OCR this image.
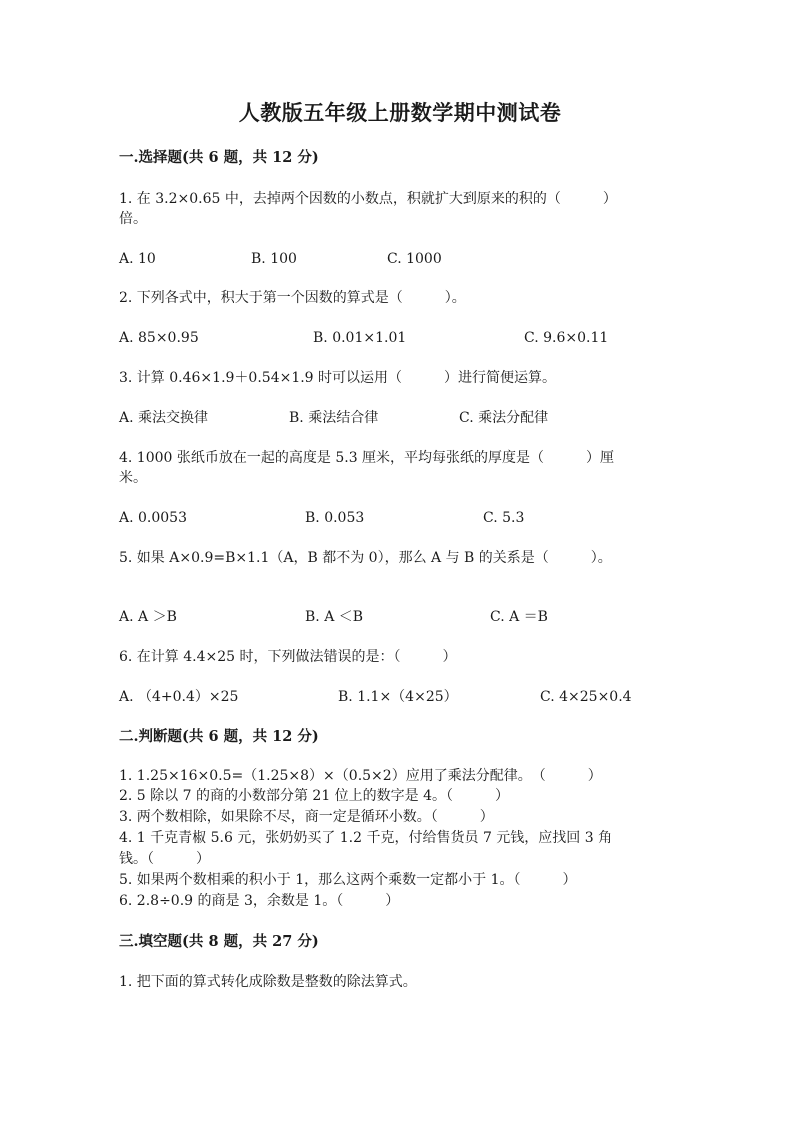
人教版五年级上册数学期中测试卷
一.选择题(共 6 题，共 12 分)
1. 在 3.2×0.65 中，去掉两个因数的小数点，积就扩大到原来的积的（　　　）
倍。
A. 10	B. 100	C. 1000
2. 下列各式中，积大于第一个因数的算式是（　　　）。
A. 85×0.95	B. 0.01×1.01	C. 9.6×0.11
3. 计算 0.46×1.9＋0.54×1.9 时可以运用（　　　）进行简便运算。
A. 乘法交换律	B. 乘法结合律	C. 乘法分配律
4. 1000 张纸币放在一起的高度是 5.3 厘米，平均每张纸的厚度是（　　　）厘
米。
A. 0.0053	B. 0.053	C. 5.3
5. 如果 A×0.9=B×1.1（A，B 都不为 0），那么 A 与 B 的关系是（　　　）。
A. A ＞B	B. A ＜B	C. A ＝B
6. 在计算 4.4×25 时，下列做法错误的是：（　　　）
A. （4+0.4）×25	B. 1.1×（4×25）	C. 4×25×0.4
二.判断题(共 6 题，共 12 分)
1. 1.25×16×0.5=（1.25×8）×（0.5×2）应用了乘法分配律。　（　　　）
2. 5 除以 7 的商的小数部分第 21 位上的数字是 4。（　　　）
3. 两个数相除，如果除不尽，商一定是循环小数。（　　　）
4. 1 千克青椒 5.6 元，张奶奶买了 1.2 千克，付给售货员 7 元钱，应找回 3 角
钱。（　　　）
5. 如果两个数相乘的积小于 1，那么这两个乘数一定都小于 1。（　　　）
6. 2.8÷0.9 的商是 3，余数是 1。（　　　）
三.填空题(共 8 题，共 27 分)
1. 把下面的算式转化成除数是整数的除法算式。
